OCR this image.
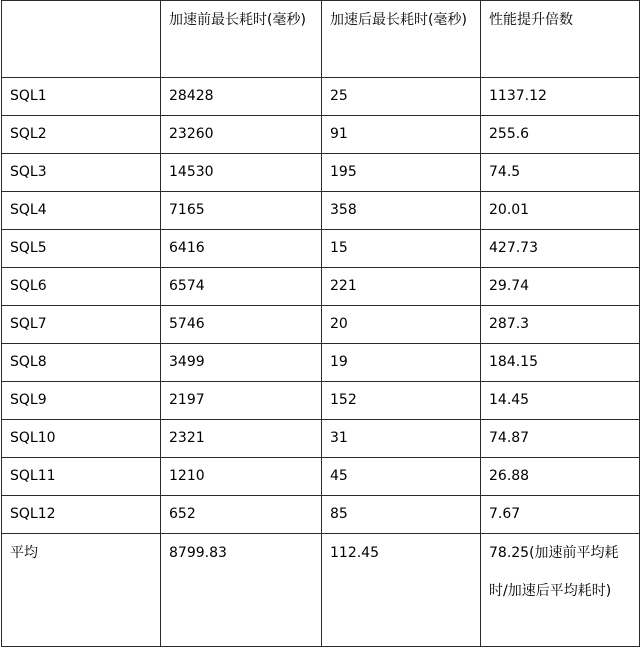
	加速前最长耗时(毫秒)	加速后最长耗时(毫秒)	性能提升倍数
SQL1	28428	25	1137.12
SQL2	23260	91	255.6
SQL3	14530	195	74.5
SQL4	7165	358	20.01
SQL5	6416	15	427.73
SQL6	6574	221	29.74
SQL7	5746	20	287.3
SQL8	3499	19	184.15
SQL9	2197	152	14.45
SQL10	2321	31	74.87
SQL11	1210	45	26.88
SQL12	652	85	7.67
平均	8799.83	112.45	78.25(加速前平均耗时/加速后平均耗时)
